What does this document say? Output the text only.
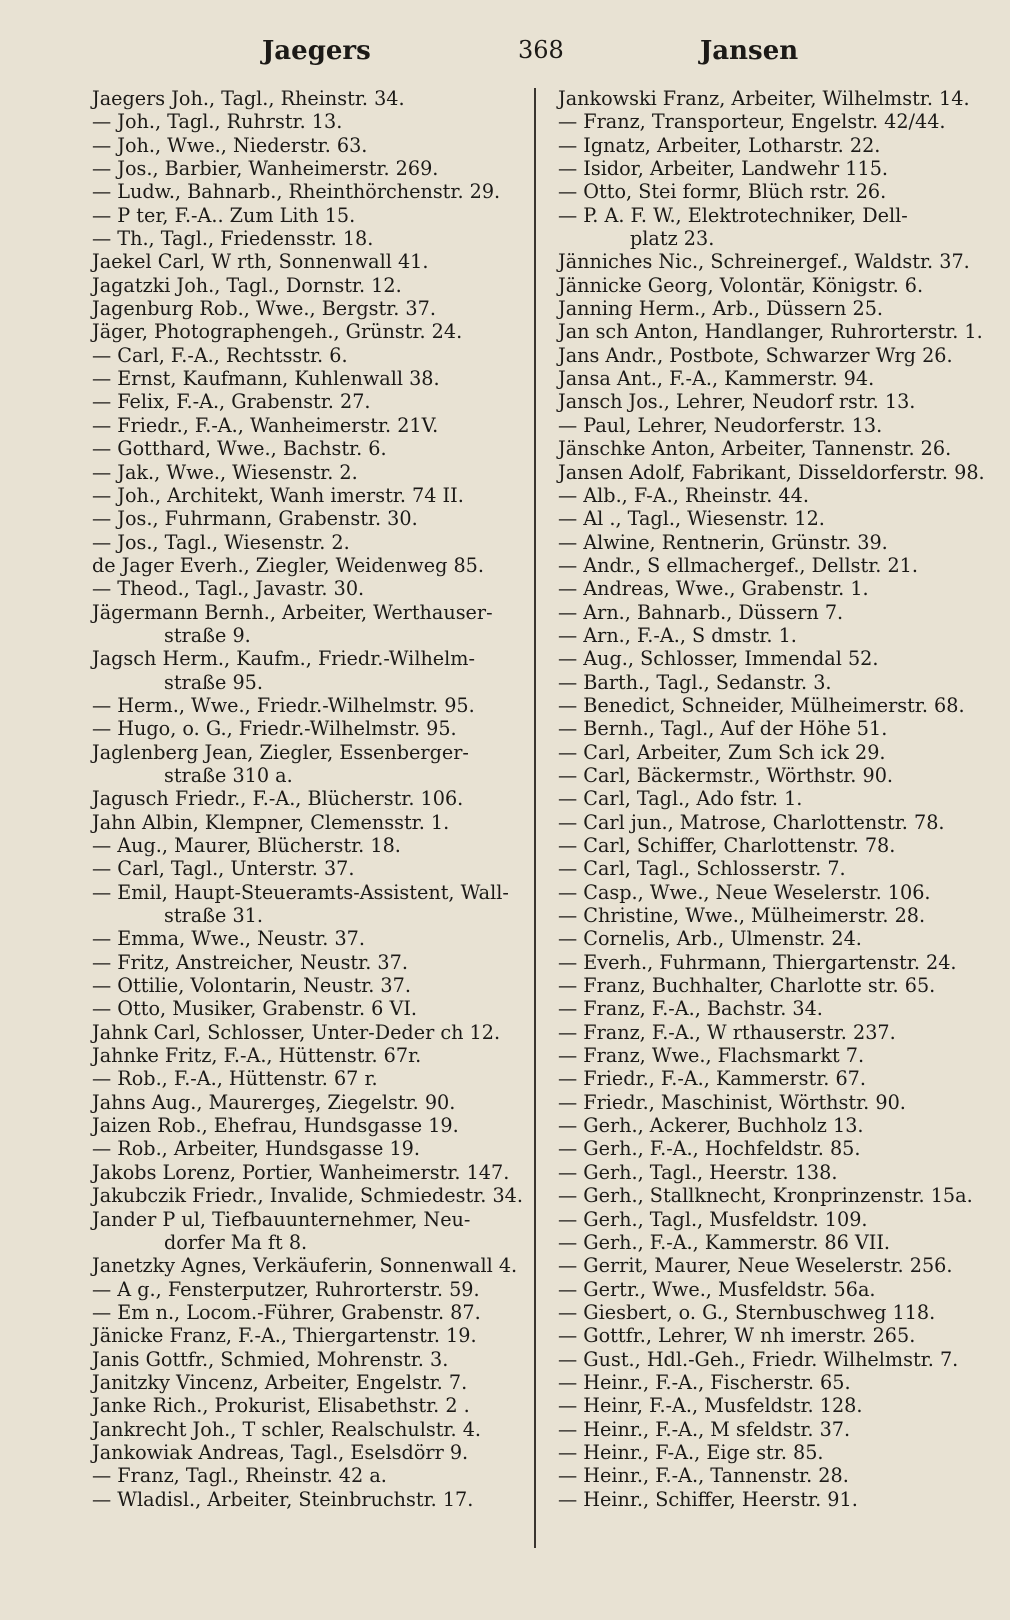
Jaegers	368	Jansen
Jaegers Joh., Tagl., Rheinstr. 34.
— Joh., Tagl., Ruhrstr. 13.
— Joh., Wwe., Niederstr. 63.
— Jos., Barbier, Wanheimerstr. 269.
— Ludw., Bahnarb., Rheinthörchenstr. 29.
— P ter, F.-A.. Zum Lith 15.
— Th., Tagl., Friedensstr. 18.
Jaekel Carl, W rth, Sonnenwall 41.
Jagatzki Joh., Tagl., Dornstr. 12.
Jagenburg Rob., Wwe., Bergstr. 37.
Jäger, Photographengeh., Grünstr. 24.
— Carl, F.-A., Rechtsstr. 6.
— Ernst, Kaufmann, Kuhlenwall 38.
— Felix, F.-A., Grabenstr. 27.
— Friedr., F.-A., Wanheimerstr. 21V.
— Gotthard, Wwe., Bachstr. 6.
— Jak., Wwe., Wiesenstr. 2.
— Joh., Architekt, Wanh imerstr. 74 II.
— Jos., Fuhrmann, Grabenstr. 30.
— Jos., Tagl., Wiesenstr. 2.
de Jager Everh., Ziegler, Weidenweg 85.
— Theod., Tagl., Javastr. 30.
Jägermann Bernh., Arbeiter, Werthauser-
straße 9.
Jagsch Herm., Kaufm., Friedr.-Wilhelm-
straße 95.
— Herm., Wwe., Friedr.-Wilhelmstr. 95.
— Hugo, o. G., Friedr.-Wilhelmstr. 95.
Jaglenberg Jean, Ziegler, Essenberger-
straße 310 a.
Jagusch Friedr., F.-A., Blücherstr. 106.
Jahn Albin, Klempner, Clemensstr. 1.
— Aug., Maurer, Blücherstr. 18.
— Carl, Tagl., Unterstr. 37.
— Emil, Haupt-Steueramts-Assistent, Wall-
straße 31.
— Emma, Wwe., Neustr. 37.
— Fritz, Anstreicher, Neustr. 37.
— Ottilie, Volontarin, Neustr. 37.
— Otto, Musiker, Grabenstr. 6 VI.
Jahnk Carl, Schlosser, Unter-Deder ch 12.
Jahnke Fritz, F.-A., Hüttenstr. 67r.
— Rob., F.-A., Hüttenstr. 67 r.
Jahns Aug., Maurergeş, Ziegelstr. 90.
Jaizen Rob., Ehefrau, Hundsgasse 19.
— Rob., Arbeiter, Hundsgasse 19.
Jakobs Lorenz, Portier, Wanheimerstr. 147.
Jakubczik Friedr., Invalide, Schmiedestr. 34.
Jander P ul, Tiefbauunternehmer, Neu-
dorfer Ma ft 8.
Janetzky Agnes, Verkäuferin, Sonnenwall 4.
— A g., Fensterputzer, Ruhrorterstr. 59.
— Em n., Locom.-Führer, Grabenstr. 87.
Jänicke Franz, F.-A., Thiergartenstr. 19.
Janis Gottfr., Schmied, Mohrenstr. 3.
Janitzky Vincenz, Arbeiter, Engelstr. 7.
Janke Rich., Prokurist, Elisabethstr. 2 .
Jankrecht Joh., T schler, Realschulstr. 4.
Jankowiak Andreas, Tagl., Eselsdörr 9.
— Franz, Tagl., Rheinstr. 42 a.
— Wladisl., Arbeiter, Steinbruchstr. 17.
Jankowski Franz, Arbeiter, Wilhelmstr. 14.
— Franz, Transporteur, Engelstr. 42/44.
— Ignatz, Arbeiter, Lotharstr. 22.
— Isidor, Arbeiter, Landwehr 115.
— Otto, Stei formr, Blüch rstr. 26.
— P. A. F. W., Elektrotechniker, Dell-
platz 23.
Jänniches Nic., Schreinergef., Waldstr. 37.
Jännicke Georg, Volontär, Königstr. 6.
Janning Herm., Arb., Düssern 25.
Jan sch Anton, Handlanger, Ruhrorterstr. 1.
Jans Andr., Postbote, Schwarzer Wrg 26.
Jansa Ant., F.-A., Kammerstr. 94.
Jansch Jos., Lehrer, Neudorf rstr. 13.
— Paul, Lehrer, Neudorferstr. 13.
Jänschke Anton, Arbeiter, Tannenstr. 26.
Jansen Adolf, Fabrikant, Disseldorferstr. 98.
— Alb., F-A., Rheinstr. 44.
— Al ., Tagl., Wiesenstr. 12.
— Alwine, Rentnerin, Grünstr. 39.
— Andr., S ellmachergef., Dellstr. 21.
— Andreas, Wwe., Grabenstr. 1.
— Arn., Bahnarb., Düssern 7.
— Arn., F.-A., S dmstr. 1.
— Aug., Schlosser, Immendal 52.
— Barth., Tagl., Sedanstr. 3.
— Benedict, Schneider, Mülheimerstr. 68.
— Bernh., Tagl., Auf der Höhe 51.
— Carl, Arbeiter, Zum Sch ick 29.
— Carl, Bäckermstr., Wörthstr. 90.
— Carl, Tagl., Ado fstr. 1.
— Carl jun., Matrose, Charlottenstr. 78.
— Carl, Schiffer, Charlottenstr. 78.
— Carl, Tagl., Schlosserstr. 7.
— Casp., Wwe., Neue Weselerstr. 106.
— Christine, Wwe., Mülheimerstr. 28.
— Cornelis, Arb., Ulmenstr. 24.
— Everh., Fuhrmann, Thiergartenstr. 24.
— Franz, Buchhalter, Charlotte str. 65.
— Franz, F.-A., Bachstr. 34.
— Franz, F.-A., W rthauserstr. 237.
— Franz, Wwe., Flachsmarkt 7.
— Friedr., F.-A., Kammerstr. 67.
— Friedr., Maschinist, Wörthstr. 90.
— Gerh., Ackerer, Buchholz 13.
— Gerh., F.-A., Hochfeldstr. 85.
— Gerh., Tagl., Heerstr. 138.
— Gerh., Stallknecht, Kronprinzenstr. 15a.
— Gerh., Tagl., Musfeldstr. 109.
— Gerh., F.-A., Kammerstr. 86 VII.
— Gerrit, Maurer, Neue Weselerstr. 256.
— Gertr., Wwe., Musfeldstr. 56a.
— Giesbert, o. G., Sternbuschweg 118.
— Gottfr., Lehrer, W nh imerstr. 265.
— Gust., Hdl.-Geh., Friedr. Wilhelmstr. 7.
— Heinr., F.-A., Fischerstr. 65.
— Heinr, F.-A., Musfeldstr. 128.
— Heinr., F.-A., M sfeldstr. 37.
— Heinr., F-A., Eige str. 85.
— Heinr., F.-A., Tannenstr. 28.
— Heinr., Schiffer, Heerstr. 91.
